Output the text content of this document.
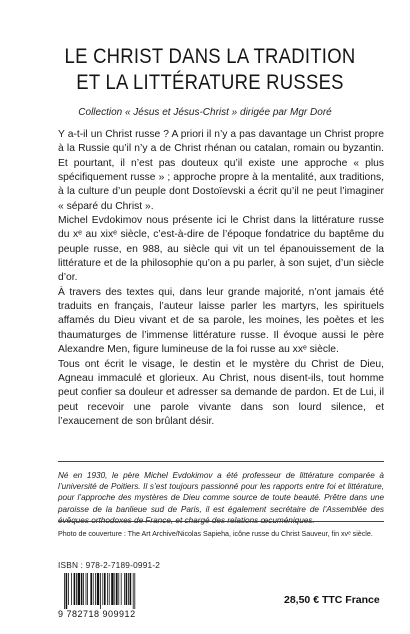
LE CHRIST DANS LA TRADITION
ET LA LITTÉRATURE RUSSES
Collection « Jésus et Jésus-Christ » dirigée par Mgr Doré

Y a-t-il un Christ russe ? A priori il n’y a pas davantage un Christ propre à la Russie qu’il n’y a de Christ rhénan ou catalan, romain ou byzantin. Et pourtant, il n’est pas douteux qu’il existe une approche « plus spécifiquement russe » ; approche propre à la mentalité, aux traditions, à la culture d’un peuple dont Dostoïevski a écrit qu’il ne peut l’imaginer « séparé du Christ ».

Michel Evdokimov nous présente ici le Christ dans la littérature russe du xᵉ au xixᵉ siècle, c’est-à-dire de l’époque fondatrice du baptême du peuple russe, en 988, au siècle qui vit un tel épanouissement de la littérature et de la philosophie qu’on a pu parler, à son sujet, d’un siècle d’or.

À travers des textes qui, dans leur grande majorité, n’ont jamais été traduits en français, l’auteur laisse parler les martyrs, les spirituels affamés du Dieu vivant et de sa parole, les moines, les poètes et les thaumaturges de l’immense littérature russe. Il évoque aussi le père Alexandre Men, figure lumineuse de la foi russe au xxᵉ siècle.

Tous ont écrit le visage, le destin et le mystère du Christ de Dieu, Agneau immaculé et glorieux. Au Christ, nous disent-ils, tout homme peut confier sa douleur et adresser sa demande de pardon. Et de Lui, il peut recevoir une parole vivante dans son lourd silence, et l’exaucement de son brûlant désir.

Né en 1930, le père Michel Evdokimov a été professeur de littérature comparée à l’université de Poitiers. Il s’est toujours passionné pour les rapports entre foi et littérature, pour l’approche des mystères de Dieu comme source de toute beauté. Prêtre dans une paroisse de la banlieue sud de Paris, il est également secrétaire de l’Assemblée des évêques orthodoxes de France, et chargé des relations œcuméniques.

Photo de couverture : The Art Archive/Nicolas Sapieha, icône russe du Christ Sauveur, fin xvᵉ siècle.
ISBN : 978-2-7189-0991-2
9 782718 909912
28,50 € TTC France
